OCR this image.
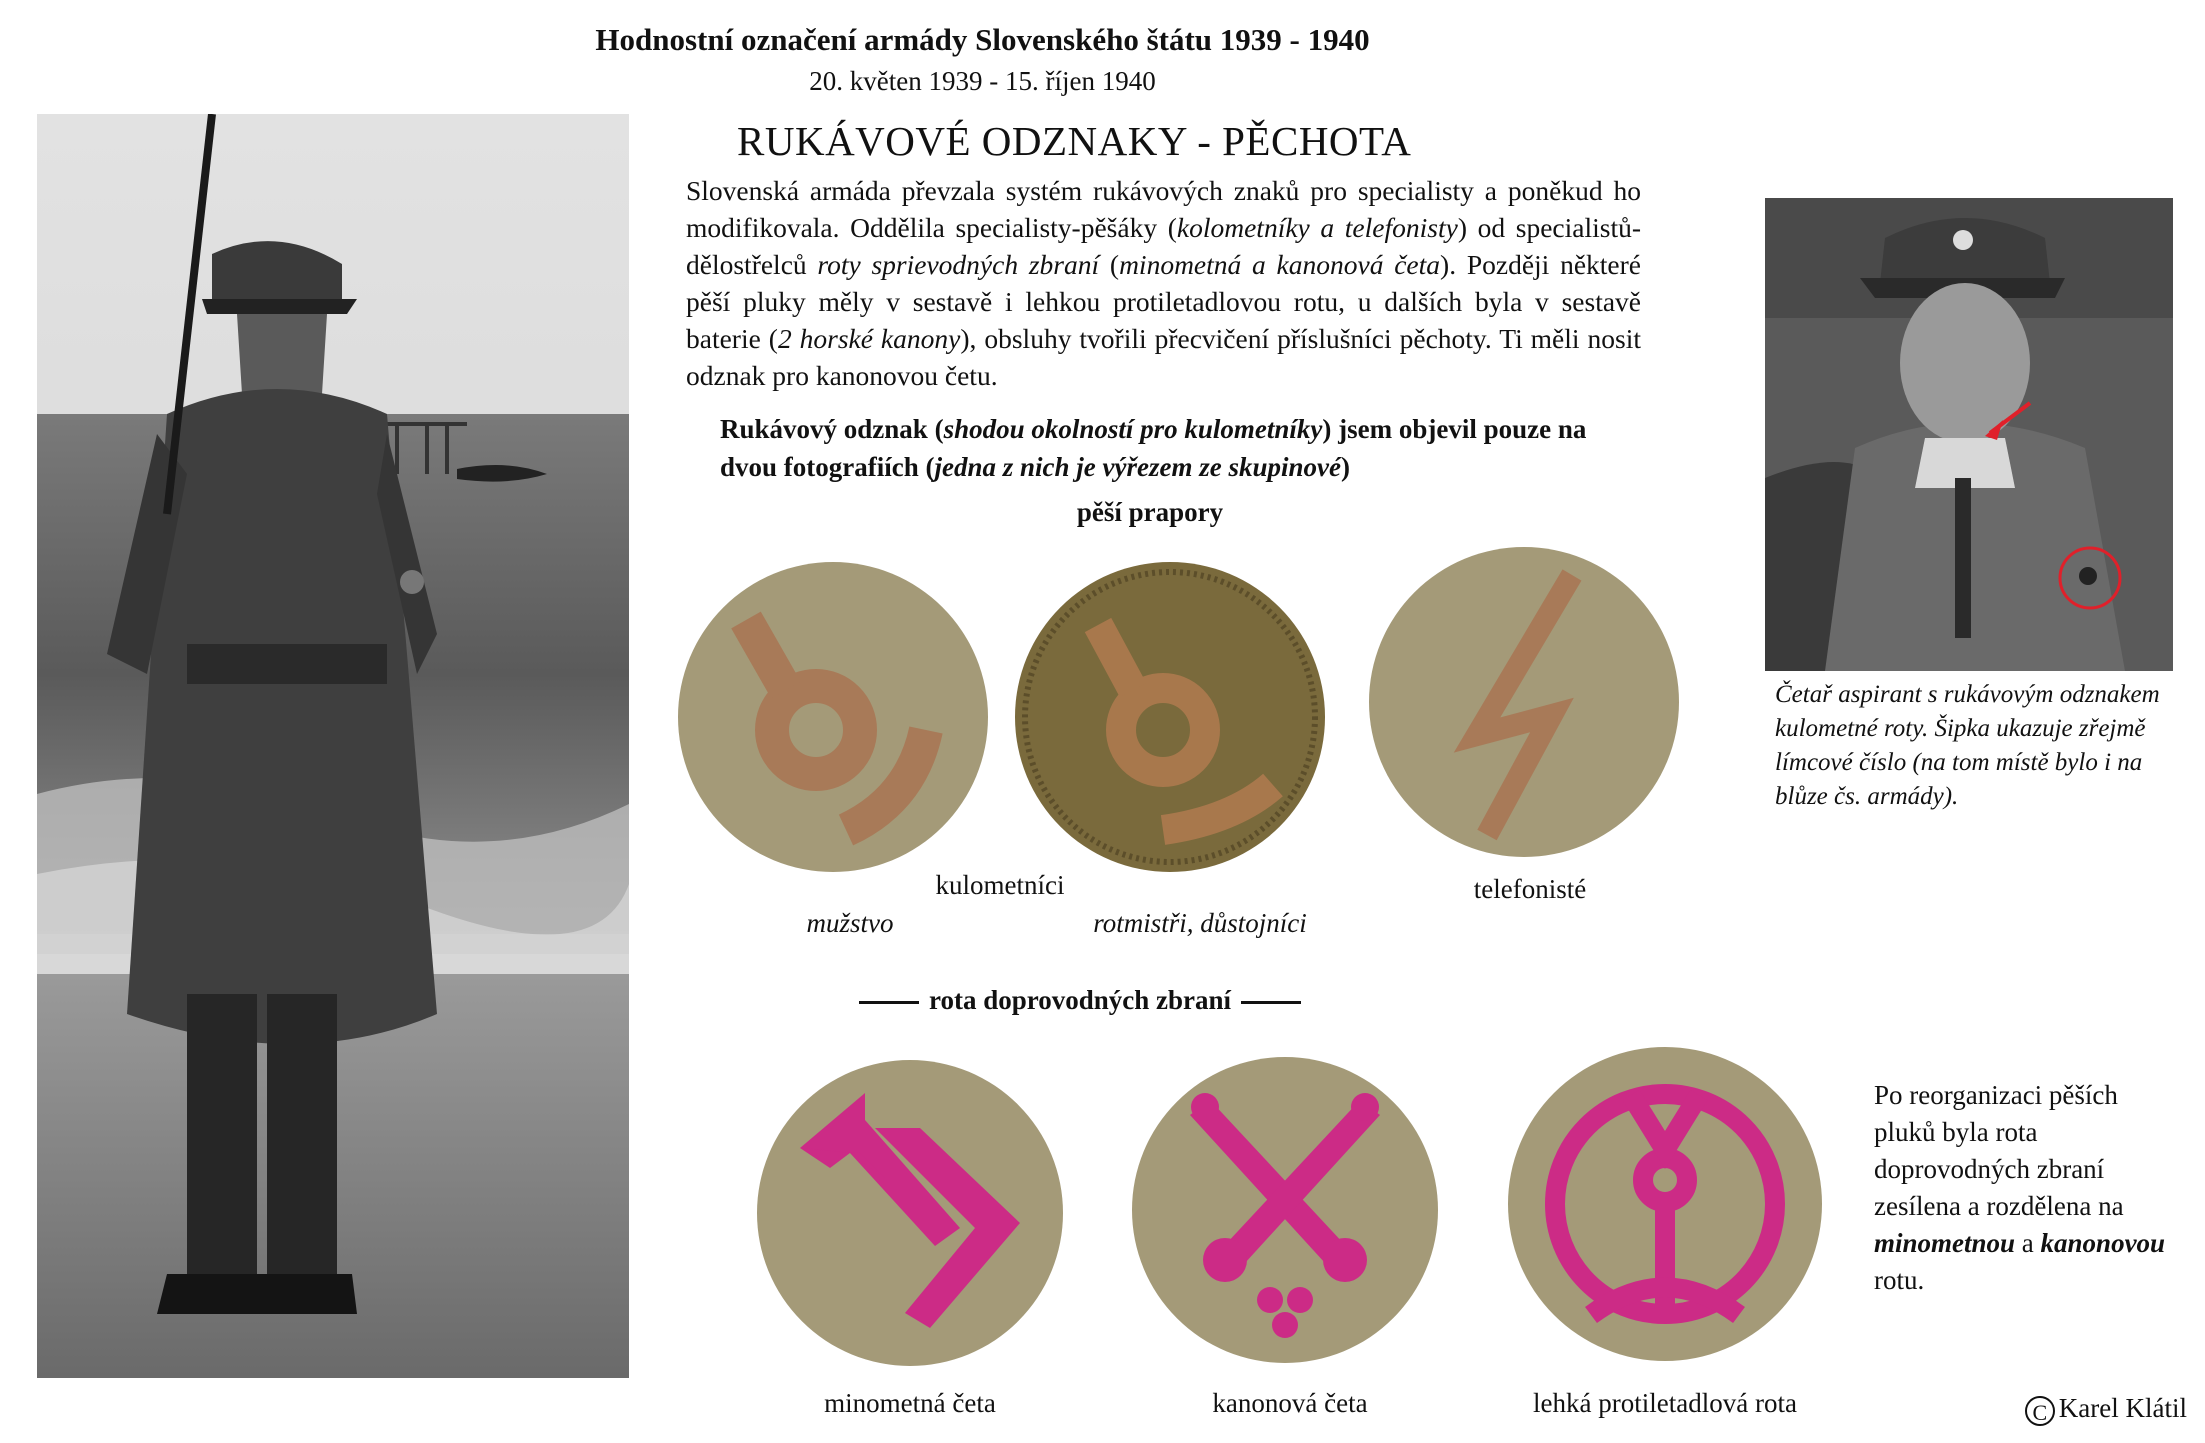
Hodnostní označení armády Slovenského štátu 1939 - 1940
20. květen 1939 - 15. říjen 1940
RUKÁVOVÉ ODZNAKY - PĚCHOTA
Slovenská armáda převzala systém rukávových znaků pro specialisty a poněkud ho modifikovala. Oddělila specialisty-pěšáky (kolometníky a telefonisty) od specialistů-dělostřelců roty sprievodných zbraní (minometná a kanonová četa). Později některé pěší pluky měly v sestavě i lehkou protiletadlovou rotu, u dalších byla v sestavě baterie (2 horské kanony), obsluhy tvořili přecvičení příslušníci pěchoty. Ti měli nosit odznak pro kanonovou četu.
Rukávový odznak (shodou okolností pro kulometníky) jsem objevil pouze na dvou fotografiích (jedna z nich je výřezem ze skupinové)
pěší prapory
kulometníci
mužstvo	rotmistři, důstojníci
telefonisté
rota doprovodných zbraní
minometná četa	kanonová četa	lehká protiletadlová rota
Četař aspirant s rukávovým odznakem kulometné roty. Šipka ukazuje zřejmě límcové číslo (na tom místě bylo i na blůze čs. armády).
Po reorganizaci pěších pluků byla rota doprovodných zbraní zesílena a rozdělena na minometnou a kanonovou rotu.
C Karel Klátil
